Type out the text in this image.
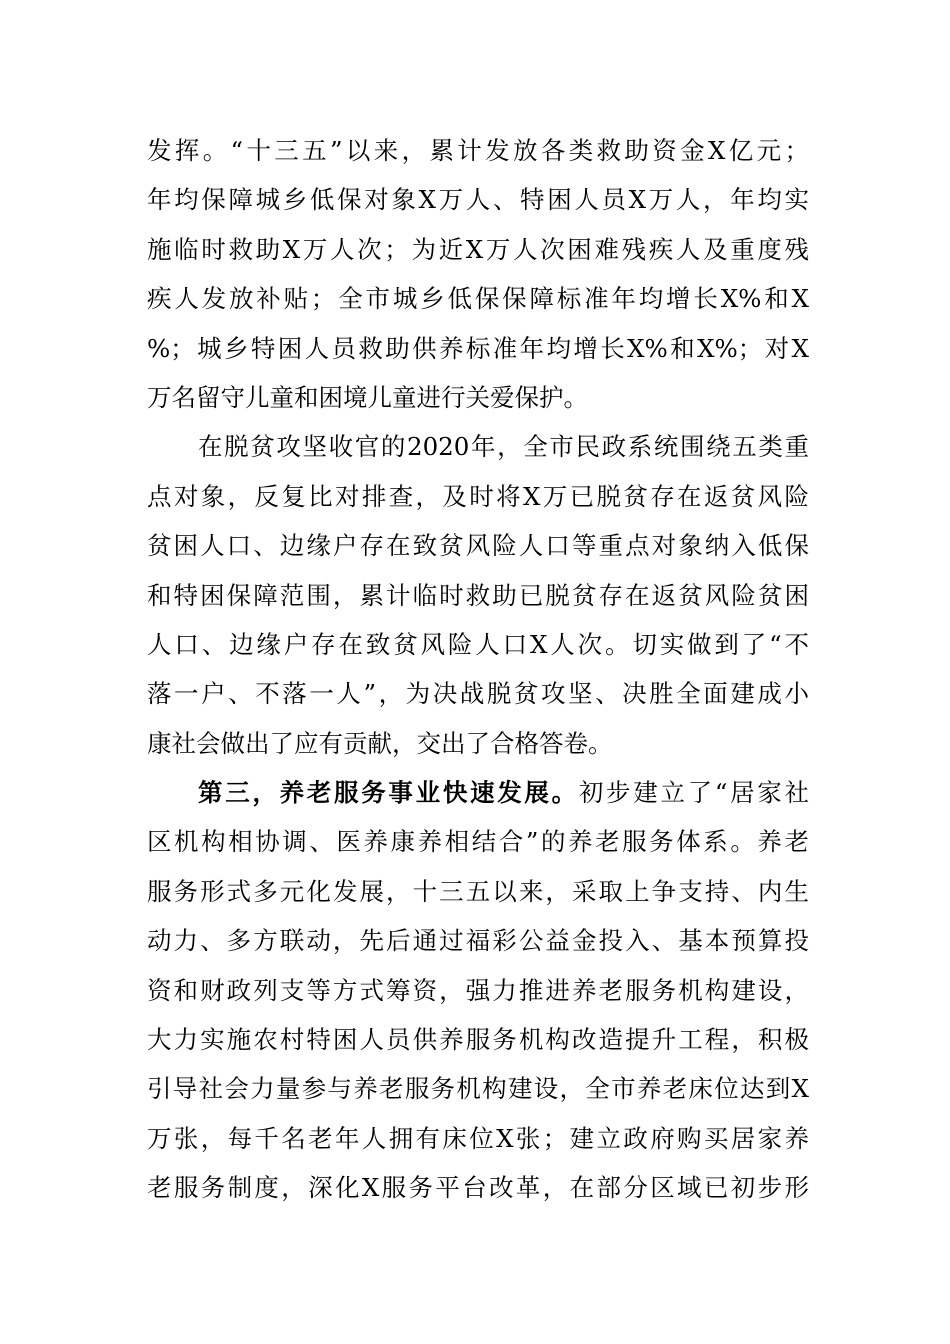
发挥。“十三五”以来，累计发放各类救助资金X亿元；
年均保障城乡低保对象X万人、特困人员X万人，年均实
施临时救助X万人次；为近X万人次困难残疾人及重度残
疾人发放补贴；全市城乡低保保障标准年均增长X%和X
%；城乡特困人员救助供养标准年均增长X%和X%；对X
万名留守儿童和困境儿童进行关爱保护。
在脱贫攻坚收官的2020年，全市民政系统围绕五类重
点对象，反复比对排查，及时将X万已脱贫存在返贫风险
贫困人口、边缘户存在致贫风险人口等重点对象纳入低保
和特困保障范围，累计临时救助已脱贫存在返贫风险贫困
人口、边缘户存在致贫风险人口X人次。切实做到了“不
落一户、不落一人”，为决战脱贫攻坚、决胜全面建成小
康社会做出了应有贡献，交出了合格答卷。
第三，养老服务事业快速发展。初步建立了“居家社
区机构相协调、医养康养相结合”的养老服务体系。养老
服务形式多元化发展，十三五以来，采取上争支持、内生
动力、多方联动，先后通过福彩公益金投入、基本预算投
资和财政列支等方式筹资，强力推进养老服务机构建设，
大力实施农村特困人员供养服务机构改造提升工程，积极
引导社会力量参与养老服务机构建设，全市养老床位达到X
万张，每千名老年人拥有床位X张；建立政府购买居家养
老服务制度，深化X服务平台改革，在部分区域已初步形
